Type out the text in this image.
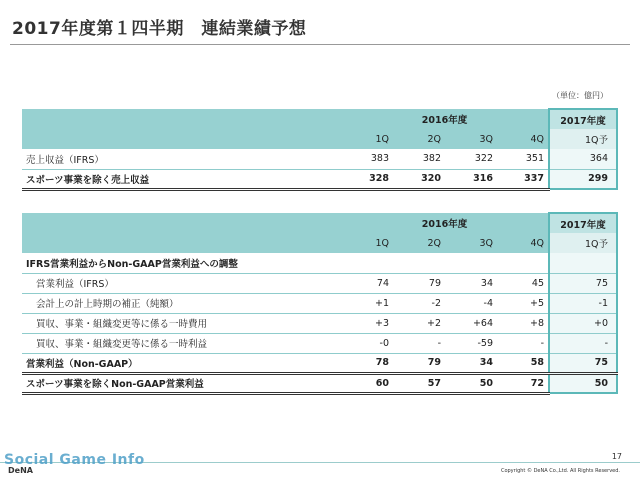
2017年度第１四半期　連結業績予想
（単位：億円）
	2016年度				2017年度
	1Q	2Q	3Q	4Q	1Q予
売上収益（IFRS）	383	382	322	351	364
スポーツ事業を除く売上収益	328	320	316	337	299
	2016年度				2017年度
	1Q	2Q	3Q	4Q	1Q予
IFRS営業利益からNon-GAAP営業利益への調整					
営業利益（IFRS）	74	79	34	45	75
会計上の計上時期の補正（純額）	+1	-2	-4	+5	-1
買収、事業・組織変更等に係る一時費用	+3	+2	+64	+8	+0
買収、事業・組織変更等に係る一時利益	-0	-	-59	-	-
営業利益（Non-GAAP）	78	79	34	58	75
スポーツ事業を除くNon-GAAP営業利益	60	57	50	72	50
17
DeNA
Social Game Info
Copyright © DeNA Co.,Ltd. All Rights Reserved.
